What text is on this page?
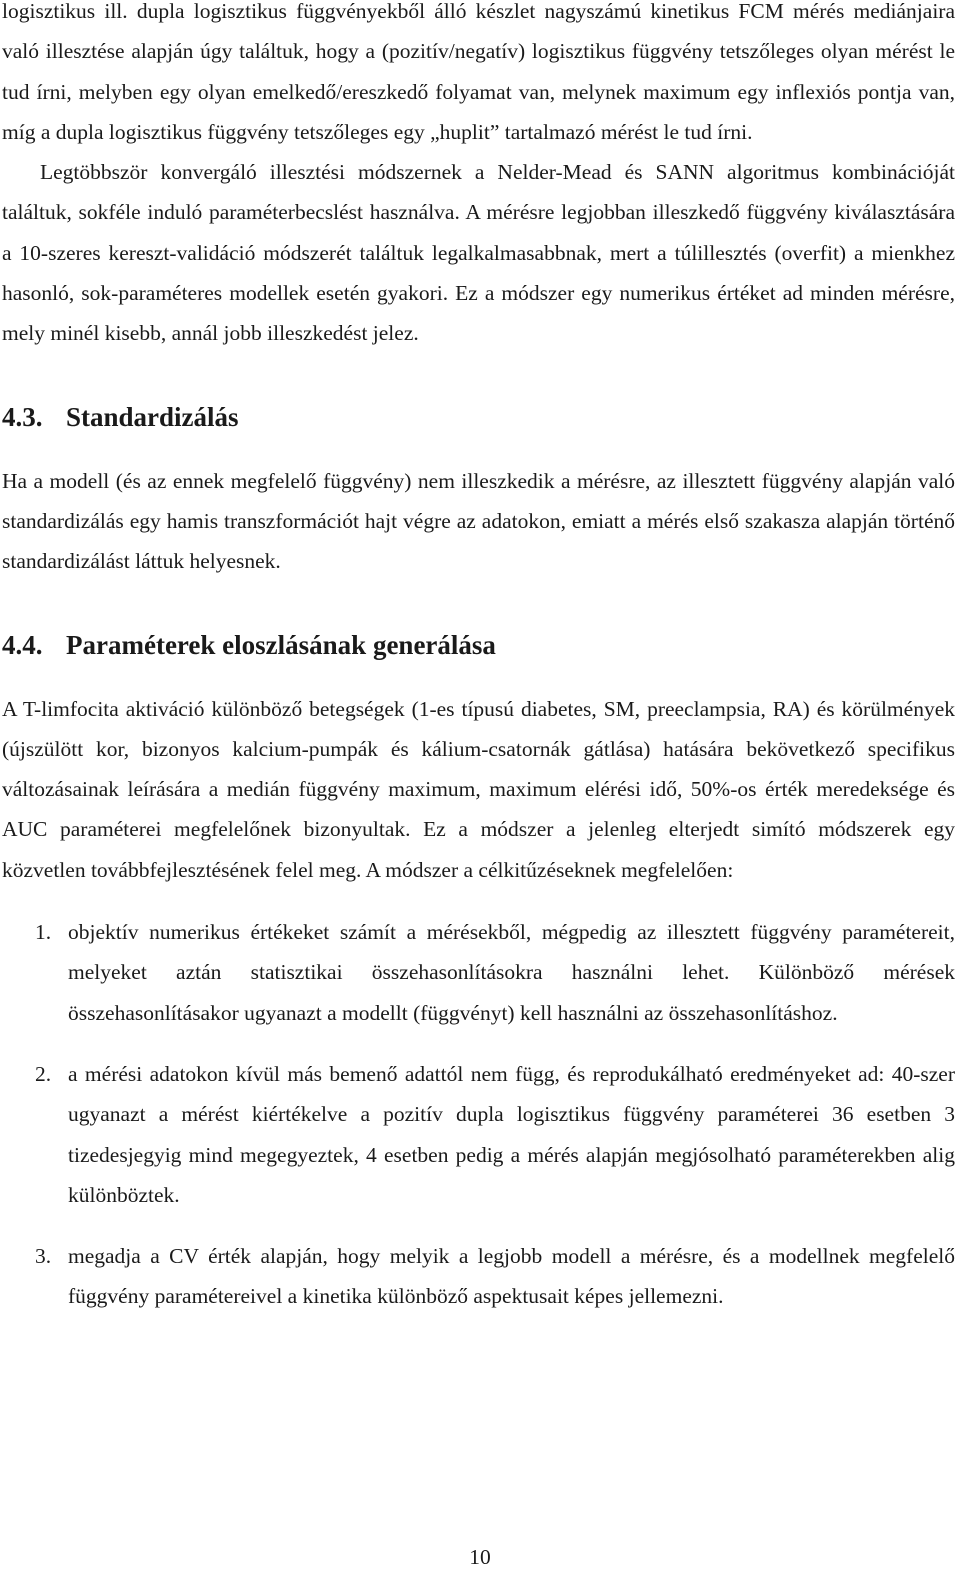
logisztikus ill. dupla logisztikus függvényekből álló készlet nagyszámú kinetikus FCM mérés mediánjaira való illesztése alapján úgy találtuk, hogy a (pozitív/negatív) logisztikus függvény tetszőleges olyan mérést le tud írni, melyben egy olyan emelkedő/ereszkedő folyamat van, melynek maximum egy inflexiós pontja van, míg a dupla logisztikus függvény tetszőleges egy „huplit” tartalmazó mérést le tud írni.

Legtöbbször konvergáló illesztési módszernek a Nelder-Mead és SANN algoritmus kombinációját találtuk, sokféle induló paraméterbecslést használva. A mérésre legjobban illeszkedő függvény kiválasztására a 10-szeres kereszt-validáció módszerét találtuk legalkalmasabbnak, mert a túlillesztés (overfit) a mienkhez hasonló, sok-paraméteres modellek esetén gyakori. Ez a módszer egy numerikus értéket ad minden mérésre, mely minél kisebb, annál jobb illeszkedést jelez.

4.3. Standardizálás

Ha a modell (és az ennek megfelelő függvény) nem illeszkedik a mérésre, az illesztett függvény alapján való standardizálás egy hamis transzformációt hajt végre az adatokon, emiatt a mérés első szakasza alapján történő standardizálást láttuk helyesnek.

4.4. Paraméterek eloszlásának generálása

A T-limfocita aktiváció különböző betegségek (1-es típusú diabetes, SM, preeclampsia, RA) és körülmények (újszülött kor, bizonyos kalcium-pumpák és kálium-csatornák gátlása) hatására bekövetkező specifikus változásainak leírására a medián függvény maximum, maximum elérési idő, 50%-os érték meredeksége és AUC paraméterei megfelelőnek bizonyultak. Ez a módszer a jelenleg elterjedt simító módszerek egy közvetlen továbbfejlesztésének felel meg. A módszer a célkitűzéseknek megfelelően:

1. objektív numerikus értékeket számít a mérésekből, mégpedig az illesztett függvény paramétereit, melyeket aztán statisztikai összehasonlításokra használni lehet. Különböző mérések összehasonlításakor ugyanazt a modellt (függvényt) kell használni az összehasonlításhoz.
2. a mérési adatokon kívül más bemenő adattól nem függ, és reprodukálható eredményeket ad: 40-szer ugyanazt a mérést kiértékelve a pozitív dupla logisztikus függvény paraméterei 36 esetben 3 tizedesjegyig mind megegyeztek, 4 esetben pedig a mérés alapján megjósolható paraméterekben alig különböztek.
3. megadja a CV érték alapján, hogy melyik a legjobb modell a mérésre, és a modellnek megfelelő függvény paramétereivel a kinetika különböző aspektusait képes jellemezni.
10
